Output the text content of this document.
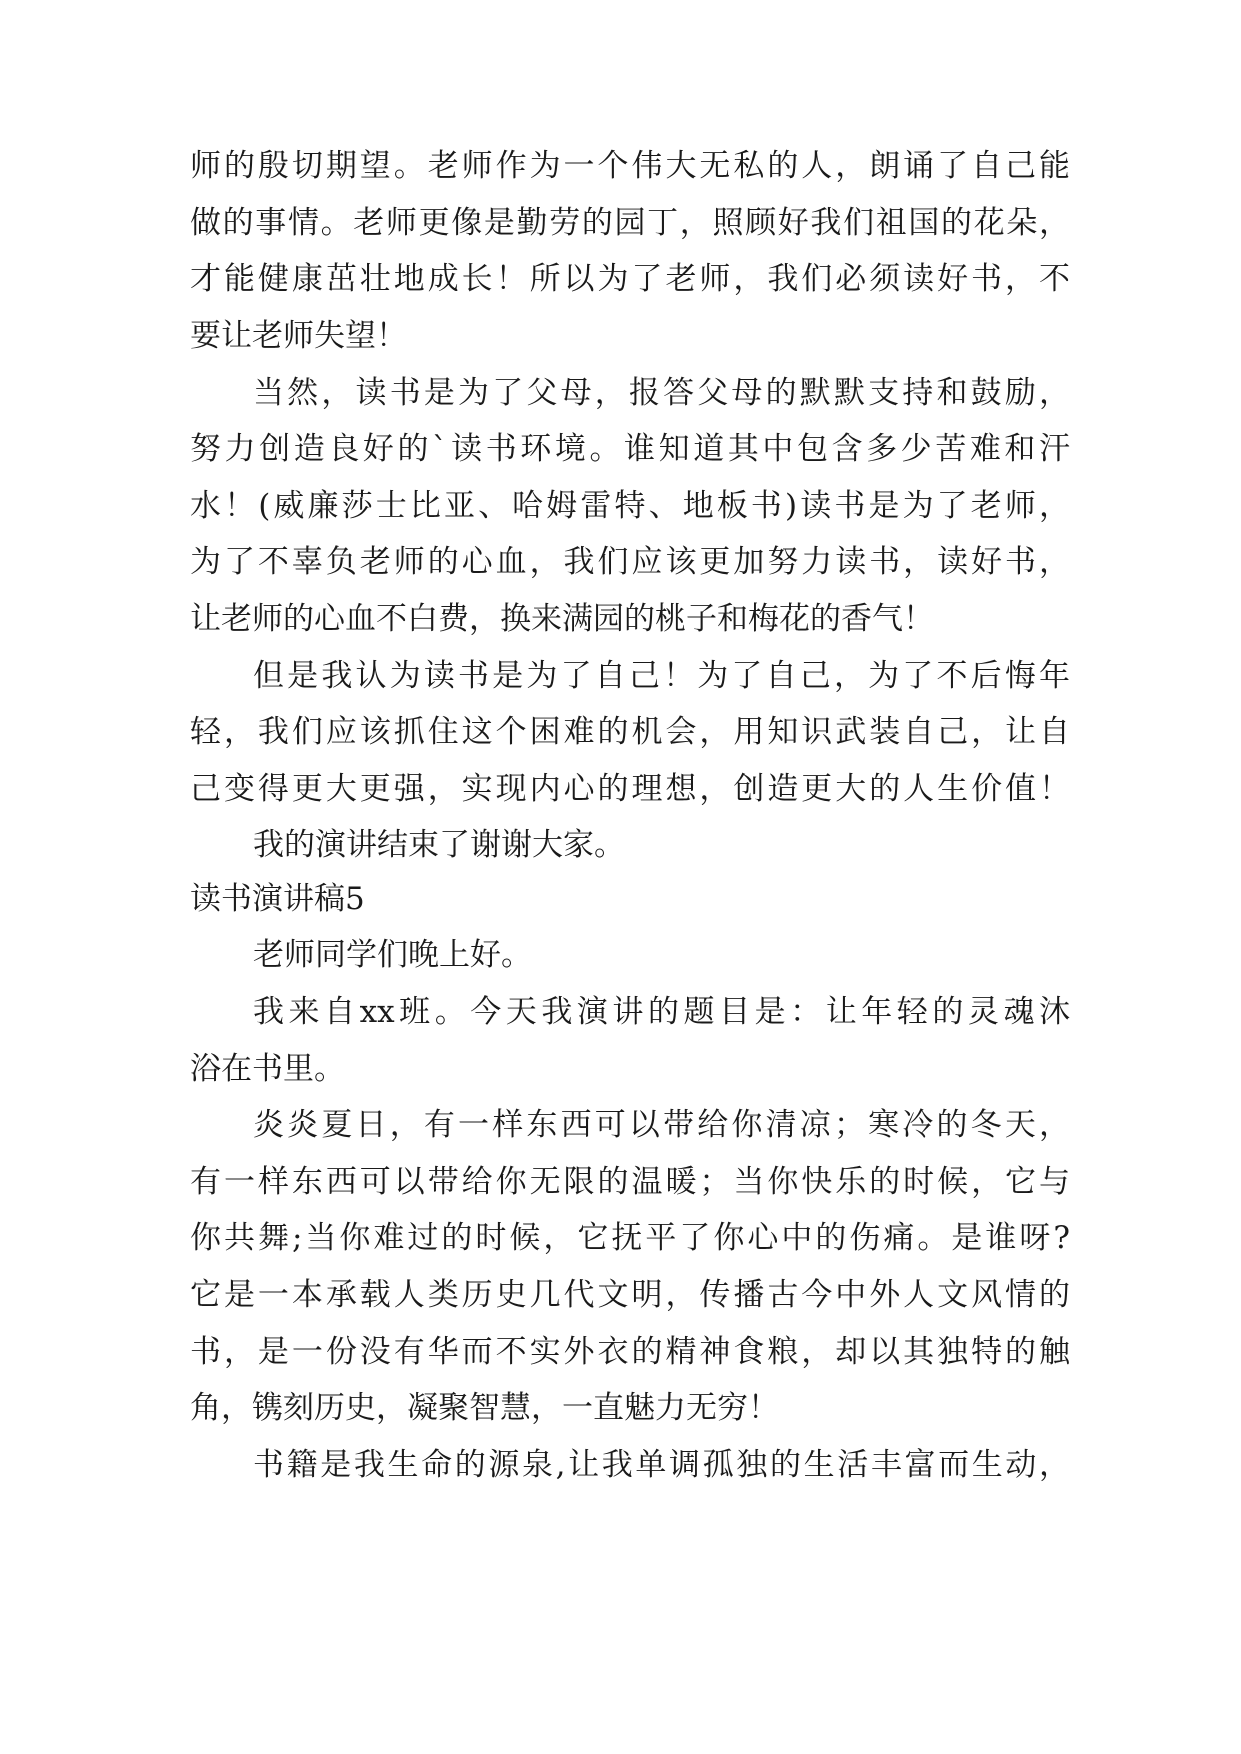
师的殷切期望。老师作为一个伟大无私的人，朗诵了自己能
做的事情。老师更像是勤劳的园丁，照顾好我们祖国的花朵，
才能健康茁壮地成长！所以为了老师，我们必须读好书，不
要让老师失望！
当然，读书是为了父母，报答父母的默默支持和鼓励，
努力创造良好的`读书环境。谁知道其中包含多少苦难和汗
水！(威廉莎士比亚、哈姆雷特、地板书)读书是为了老师，
为了不辜负老师的心血，我们应该更加努力读书，读好书，
让老师的心血不白费，换来满园的桃子和梅花的香气！
但是我认为读书是为了自己！为了自己，为了不后悔年
轻，我们应该抓住这个困难的机会，用知识武装自己，让自
己变得更大更强，实现内心的理想，创造更大的人生价值！
我的演讲结束了谢谢大家。
读书演讲稿5
老师同学们晚上好。
我来自xx班。今天我演讲的题目是：让年轻的灵魂沐
浴在书里。
炎炎夏日，有一样东西可以带给你清凉；寒冷的冬天，
有一样东西可以带给你无限的温暖；当你快乐的时候，它与
你共舞;当你难过的时候，它抚平了你心中的伤痛。是谁呀?
它是一本承载人类历史几代文明，传播古今中外人文风情的
书，是一份没有华而不实外衣的精神食粮，却以其独特的触
角，镌刻历史，凝聚智慧，一直魅力无穷！
书籍是我生命的源泉,让我单调孤独的生活丰富而生动，
